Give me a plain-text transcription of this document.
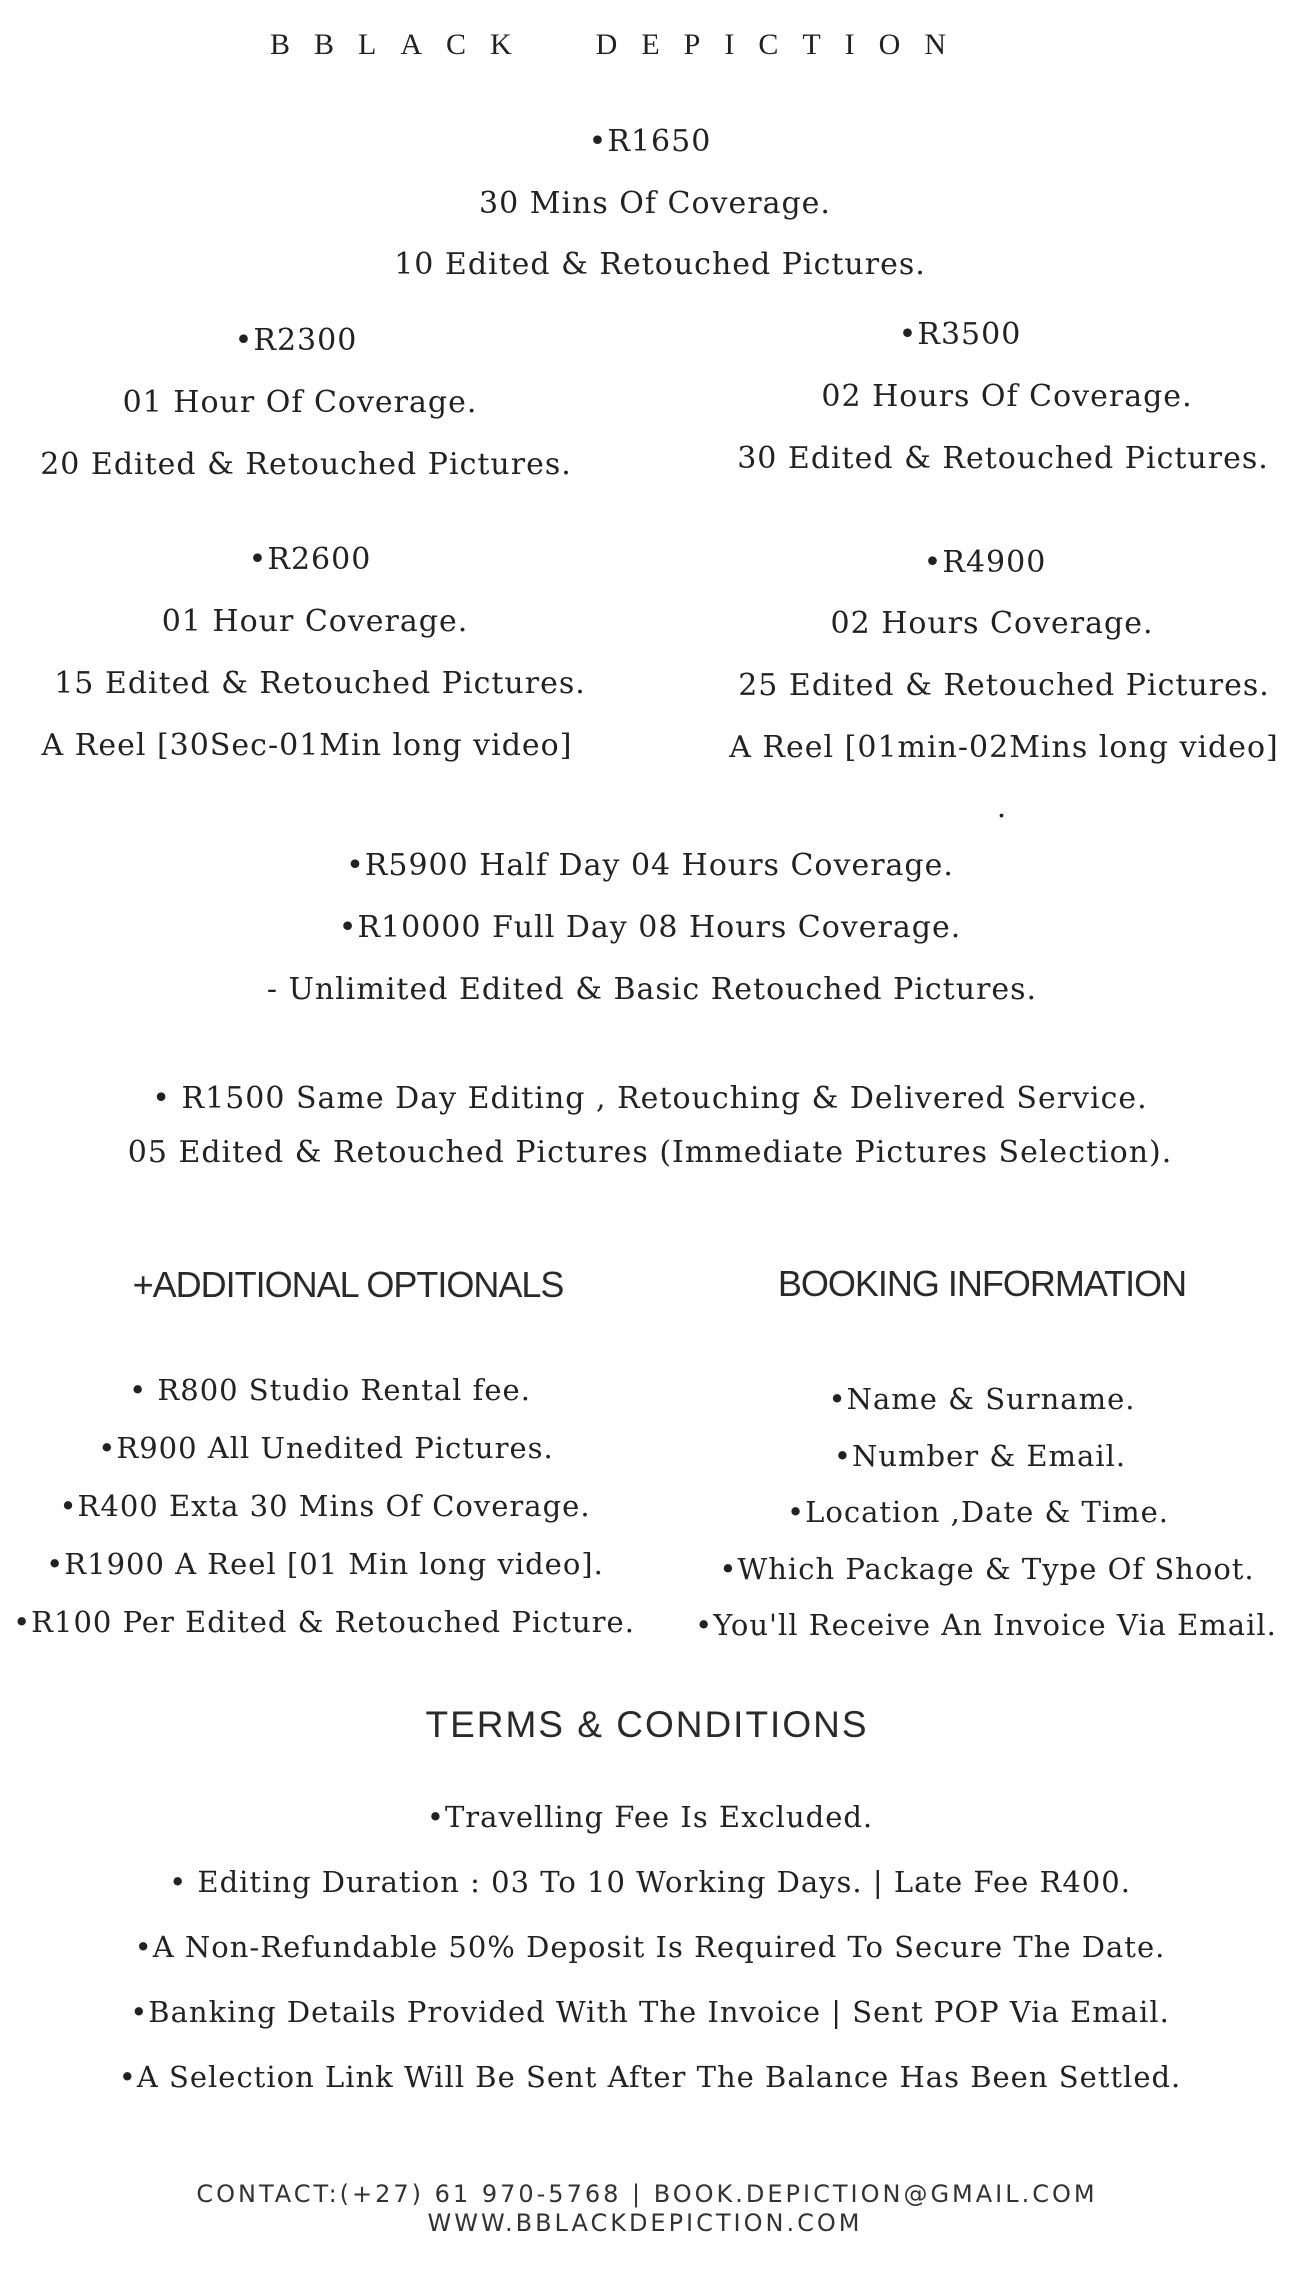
BBLACK DEPICTION
•R1650
30 Mins Of Coverage.
10 Edited & Retouched Pictures.
•R2300
01 Hour Of Coverage.
20 Edited & Retouched Pictures.
•R3500
02 Hours Of Coverage.
30 Edited & Retouched Pictures.
•R2600
01 Hour Coverage.
15 Edited & Retouched Pictures.
A Reel [30Sec-01Min long video]
•R4900
02 Hours Coverage.
25 Edited & Retouched Pictures.
A Reel [01min-02Mins long video]
.
•R5900 Half Day 04 Hours Coverage.
•R10000 Full Day 08 Hours Coverage.
- Unlimited Edited & Basic Retouched Pictures.
• R1500 Same Day Editing , Retouching & Delivered Service.
05 Edited & Retouched Pictures (Immediate Pictures Selection).
+ADDITIONAL OPTIONALS
• R800 Studio Rental fee.
•R900 All Unedited Pictures.
•R400 Exta 30 Mins Of Coverage.
•R1900 A Reel [01 Min long video].
•R100 Per Edited & Retouched Picture.
BOOKING INFORMATION
•Name & Surname.
•Number & Email.
•Location ,Date & Time.
•Which Package & Type Of Shoot.
•You'll Receive An Invoice Via Email.
TERMS & CONDITIONS
•Travelling Fee Is Excluded.
• Editing Duration : 03 To 10 Working Days. | Late Fee R400.
•A Non-Refundable 50% Deposit Is Required To Secure The Date.
•Banking Details Provided With The Invoice | Sent POP Via Email.
•A Selection Link Will Be Sent After The Balance Has Been Settled.
CONTACT:(+27) 61 970-5768 | BOOK.DEPICTION@GMAIL.COM
WWW.BBLACKDEPICTION.COM
